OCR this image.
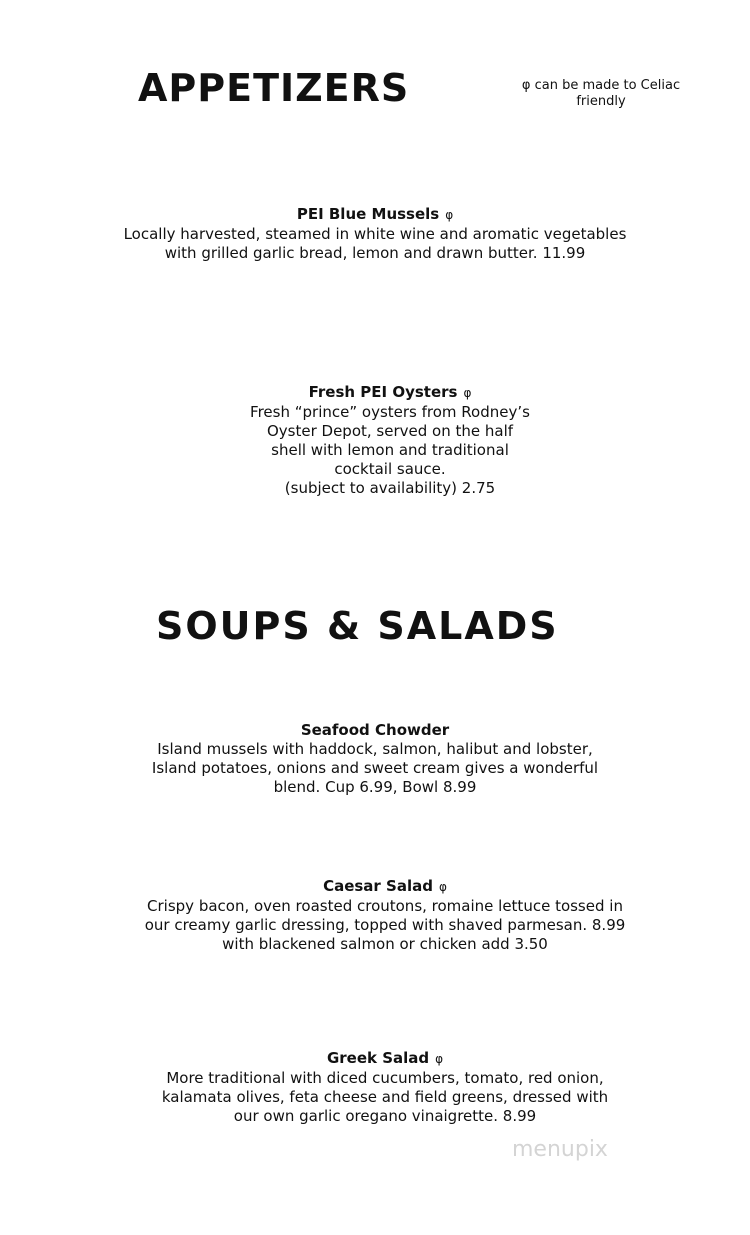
APPETIZERS	φ can be made to Celiac
friendly
PEI Blue Mussels φ
Locally harvested, steamed in white wine and aromatic vegetables
with grilled garlic bread, lemon and drawn butter. 11.99
Fresh PEI Oysters φ
Fresh “prince” oysters from Rodney’s
Oyster Depot, served on the half
shell with lemon and traditional
cocktail sauce.
(subject to availability) 2.75
SOUPS & SALADS
Seafood Chowder
Island mussels with haddock, salmon, halibut and lobster,
Island potatoes, onions and sweet cream gives a wonderful
blend. Cup 6.99, Bowl 8.99
Caesar Salad φ
Crispy bacon, oven roasted croutons, romaine lettuce tossed in
our creamy garlic dressing, topped with shaved parmesan. 8.99
with blackened salmon or chicken add 3.50
Greek Salad φ
More traditional with diced cucumbers, tomato, red onion,
kalamata olives, feta cheese and field greens, dressed with
our own garlic oregano vinaigrette. 8.99
menupix
